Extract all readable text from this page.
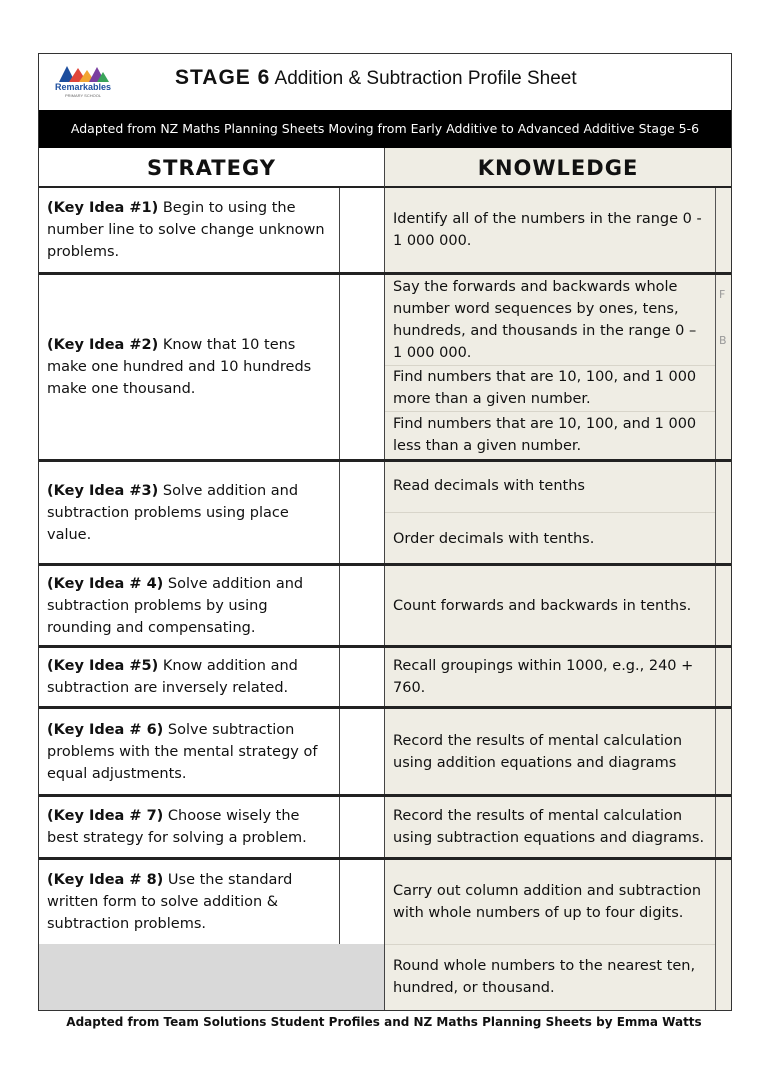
Remarkables
PRIMARY SCHOOL
STAGE 6 Addition & Subtraction Profile Sheet
Adapted from NZ Maths Planning Sheets Moving from Early Additive to Advanced Additive Stage 5-6
STRATEGY	KNOWLEDGE
(Key Idea #1) Begin to using the number line to solve change unknown problems.
(Key Idea #2) Know that 10 tens make one hundred and 10 hundreds make one thousand.
(Key Idea #3) Solve addition and subtraction problems using place value.
(Key Idea # 4) Solve addition and subtraction problems by using rounding and compensating.
(Key Idea #5) Know addition and subtraction are inversely related.
(Key Idea # 6) Solve subtraction problems with the mental strategy of equal adjustments.
(Key Idea # 7) Choose wisely the best strategy for solving a problem.
(Key Idea # 8) Use the standard written form to solve addition & subtraction problems.
Identify all of the numbers in the range 0 - 1 000 000.
Say the forwards and backwards whole number word sequences by ones, tens, hundreds, and thousands in the range 0 – 1 000 000.
Find numbers that are 10, 100, and 1 000 more than a given number.
Find numbers that are 10, 100, and 1 000 less than a given number.
Read decimals with tenths
Order decimals with tenths.
Count forwards and backwards in tenths.
Recall groupings within 1000, e.g., 240 + 760.
Record the results of mental calculation using addition equations and diagrams
Record the results of mental calculation using subtraction equations and diagrams.
Carry out column addition and subtraction with whole numbers of up to four digits.
Round whole numbers to the nearest ten, hundred, or thousand.
F
B
Adapted from Team Solutions Student Profiles and NZ Maths Planning Sheets by Emma Watts
